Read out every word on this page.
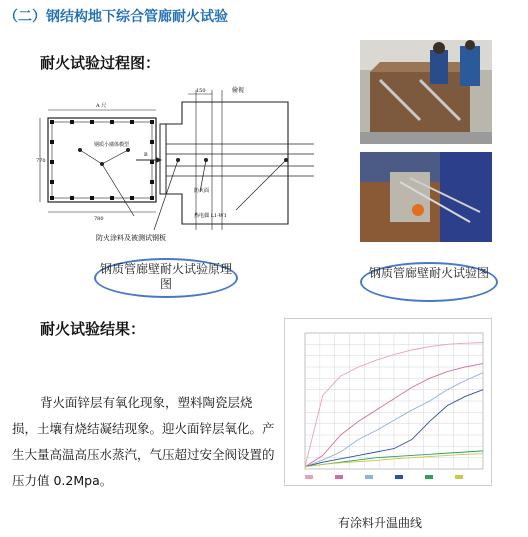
（二）钢结构地下综合管廊耐火试验
耐火试验过程图：
A 尺
780
770
钢质小墙体模型
B
150	偷视
防火面
热电偶 L1-W1
防火涂料及被测试钢板
钢质管廊壁耐火试验原理图
钢质管廊壁耐火试验图
耐火试验结果：
背火面锌层有氧化现象，塑料陶瓷层烧损，土壤有烧结凝结现象。迎火面锌层氧化。产生大量高温高压水蒸汽，气压超过安全阀设置的压力值 0.2Mpa。
有涂料升温曲线
